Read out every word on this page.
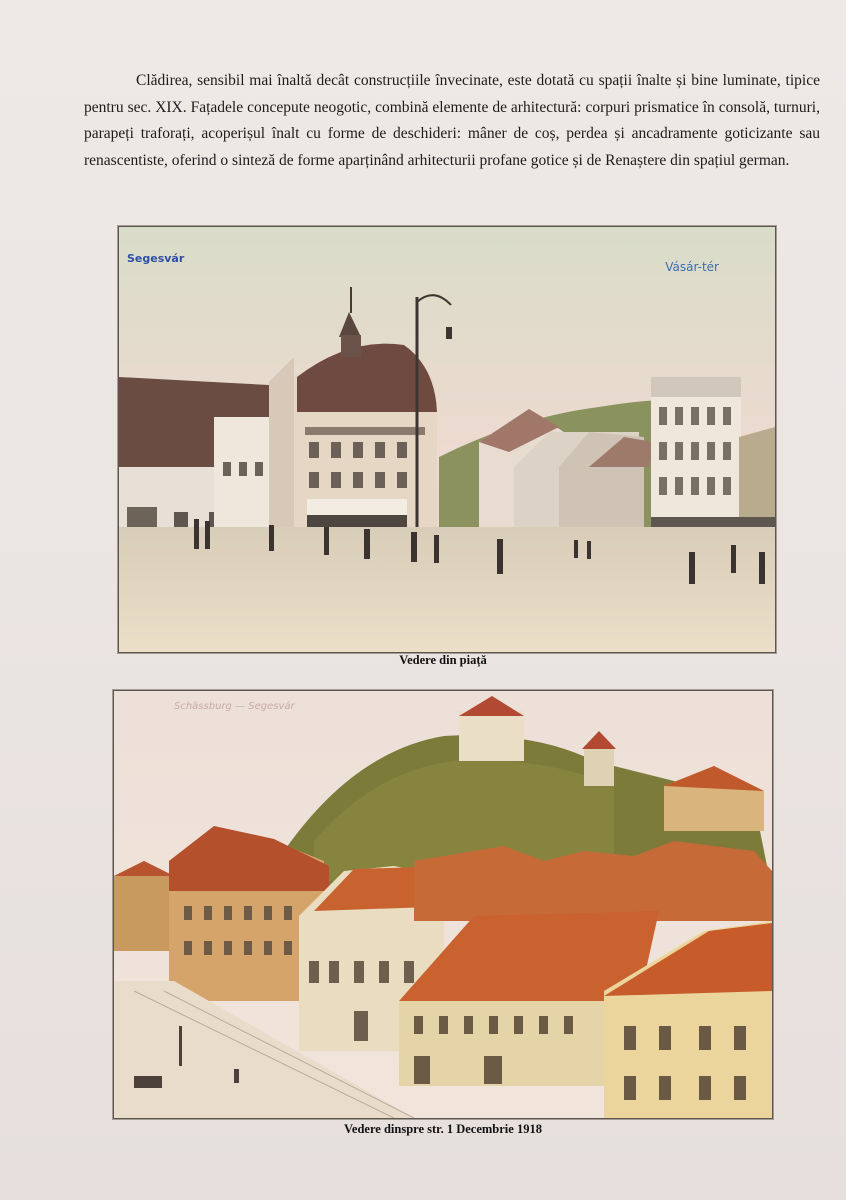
Clădirea, sensibil mai înaltă decât construcțiile învecinate, este dotată cu spații înalte și bine luminate, tipice pentru sec. XIX. Fațadele concepute neogotic, combină elemente de arhitectură: corpuri prismatice în consolă, turnuri, parapeți traforați, acoperișul înalt cu forme de deschideri: mâner de coș, perdea și ancadramente goticizante sau renascentiste, oferind o sinteză de forme aparținând arhitecturii profane gotice și de Renaștere din spațiul german.

Segesvár
Vásár-tér
Vedere din piață
Schässburg — Segesvár
Vedere dinspre str. 1 Decembrie 1918
